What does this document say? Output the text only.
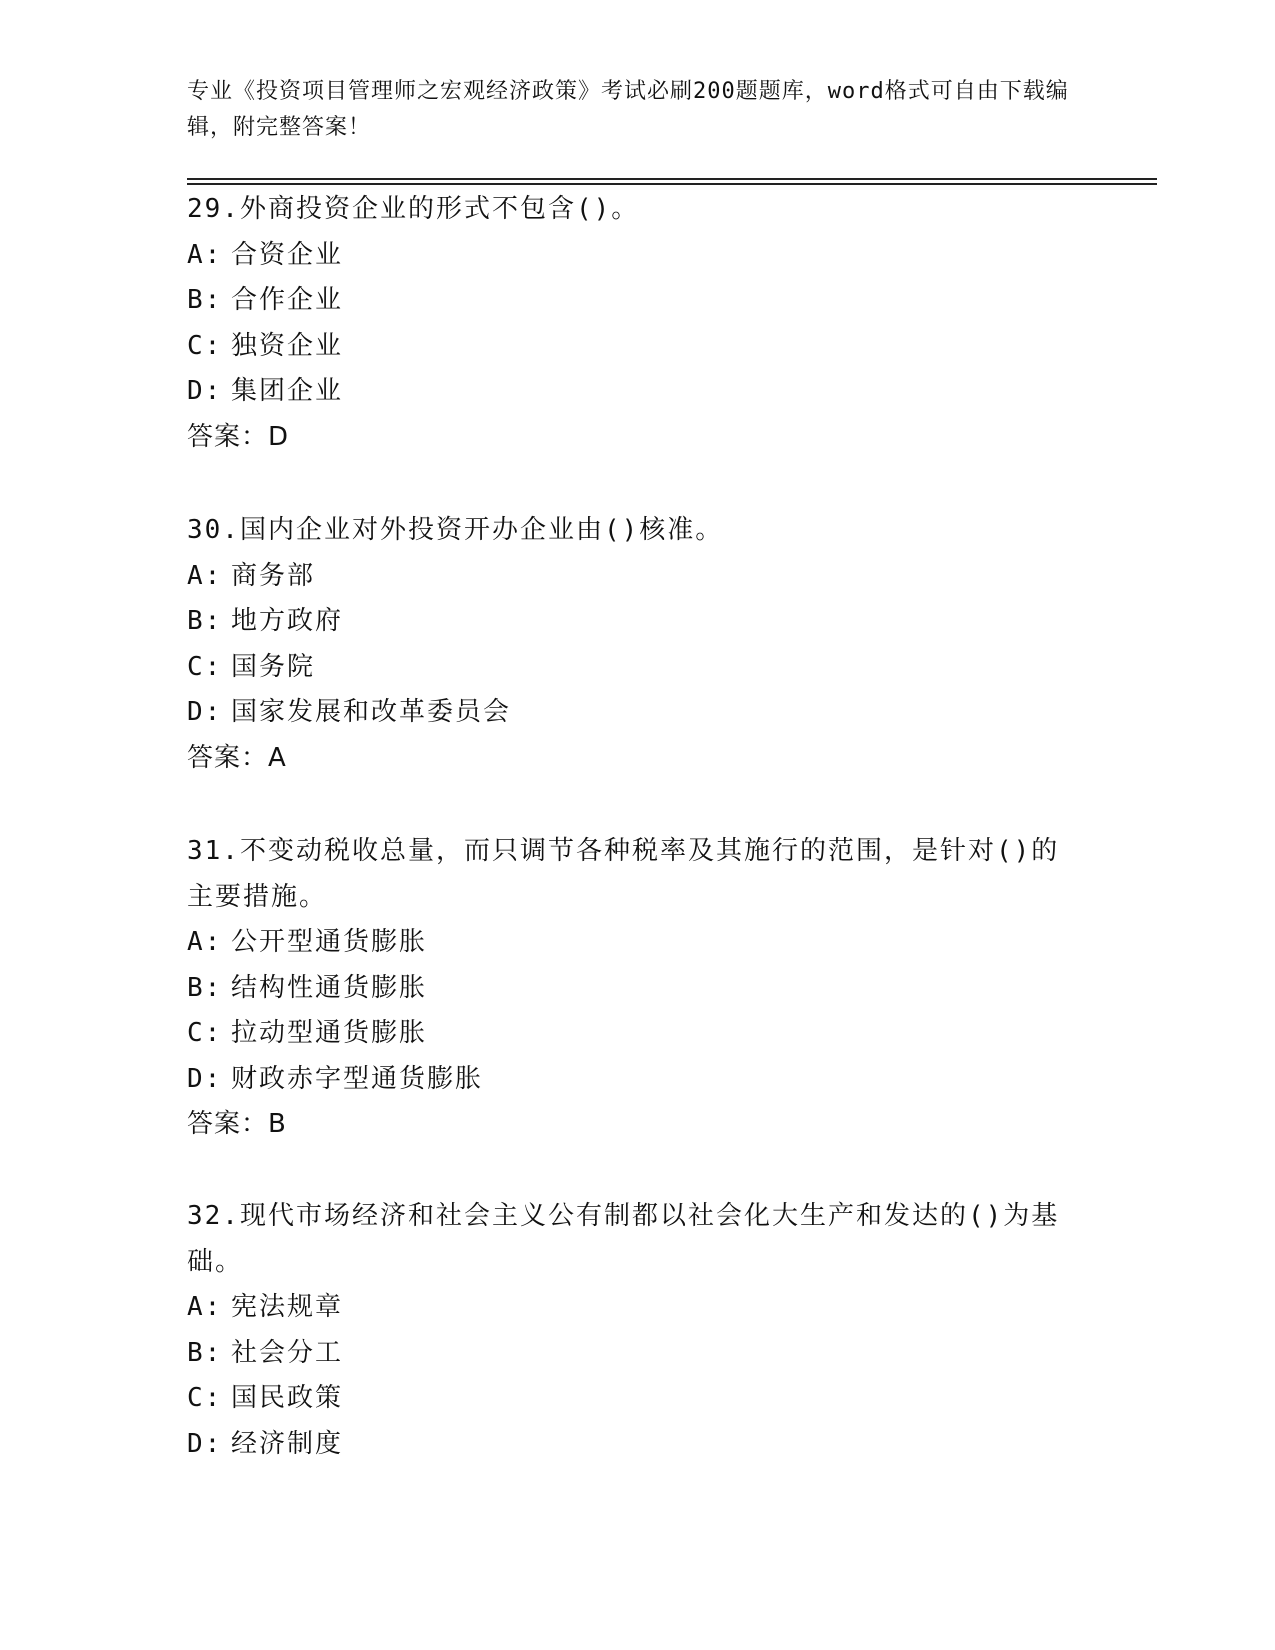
专业《投资项目管理师之宏观经济政策》考试必刷200题题库，word格式可自由下载编辑，附完整答案！

29.外商投资企业的形式不包含()。

A: 合资企业
B: 合作企业
C: 独资企业
D: 集团企业
答案：D

30.国内企业对外投资开办企业由()核准。

A: 商务部
B: 地方政府
C: 国务院
D: 国家发展和改革委员会
答案：A

31.不变动税收总量，而只调节各种税率及其施行的范围，是针对()的主要措施。

A: 公开型通货膨胀
B: 结构性通货膨胀
C: 拉动型通货膨胀
D: 财政赤字型通货膨胀
答案：B

32.现代市场经济和社会主义公有制都以社会化大生产和发达的()为基础。

A: 宪法规章
B: 社会分工
C: 国民政策
D: 经济制度
